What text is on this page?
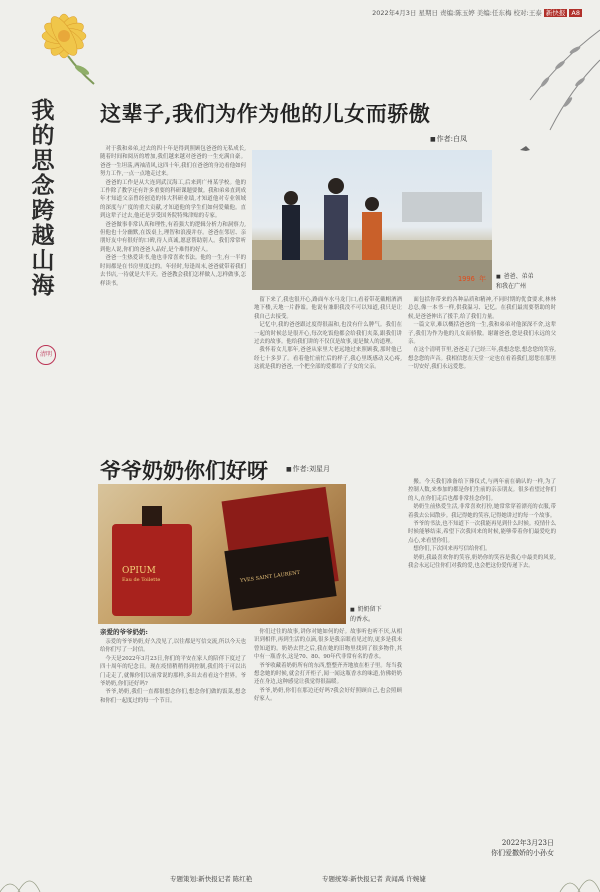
2022年4月3日 星期日 责编:陈玉婷 美编:任东梅 校对:王泰 新快报 A8
我
的
思
念
跨
越
山
海
清明
这辈子,我们为作为他的儿女而骄傲
■ 作者:白凤

对于我和弟弟,过去的四十年是得到照顾包爸爸的无私成长,随着时间和阅历的增加,我们越来越对爸爸的一生充满自豪。爸爸一生坦荡,两袖清风,这四十年,我们在爸爸的身边看他如何努力工作,一点一点地走过来。

爸爸的工作是从大连到武汉海工,后来到广州某学校。他的工作除了教学还有许多重要的科研课题要做。我和弟弟直到成年才知道父亲曾经创造的伟大科研业绩,才知道他对专业领域的深度与广度的重大贡献,才知道他的学生们如何爱戴他。直到这辈子过去,他还是享受国务院特殊津贴的专家。

爸爸做事非常认真和理性,有着强大的逻辑分析力和洞察力,但他也十分幽默,在饭桌上,理智和浪漫并存。爸爸在邻居、亲朋好友中有很好的口碑,待人真诚,愿意帮助别人。我们常常听到他人说,你们的爸爸人品好,是个难得的好人。

爸爸一生热爱读书,他也非常喜欢书法。他的一生,有一半的时间都是在书房里度过的。年轻时,每逢周末,爸爸就带着我们去书店,一待就是大半天。爸爸教会我们怎样做人,怎样做事,怎样读书。

1996 年	■ 爸爸、弟弟
和我在广州

留下来了,我也很开心,路面车水马龙门口,看着带花戴帽酒酒地下楼,天地一片静谧。他说有兼职我没不可以知道,我只是让我自己去接受。

记忆中,我的爸爸跟过度得很温和,也没有什么脾气。我们在一起的时候总是很开心,每次吃饭他都会给我们夹菜,跟我们讲过去的故事。他给我们讲的不仅仅是故事,更是做人的道理。

我怀着女儿那年,爸爸从家里大老远地过来照顾我,那时他已经七十多岁了。看着他忙前忙后的样子,我心里既感动又心疼,这就是我的爸爸,一个把全部的爱都给了子女的父亲。

面包括你带来的各种品质和精神,不同时期的优食要求,林林总总,像一本书一样,供我温习、记忆。在我们最需要帮助的时候,是爸爸伸出了援手,给了我们力量。

一篇文章,难以概括爸爸的一生,我和弟弟对他深深不舍,这辈子,我们为作为他的儿女而骄傲。谢谢爸爸,您是我们永远的父亲。

在这个清明节里,爸爸走了已经三年,我想念您,想念您的笑容,想念您的声音。我相信您在天堂一定也在看着我们,愿您在那里一切安好,我们永远爱您。

爷爷奶奶你们好呀	■ 作者:刘星月
OPIUM
Eau de Toilette	YVES SAINT LAURENT
■ 奶奶留下
的香水。
亲爱的爷爷奶奶:

亲爱的爷爷奶奶,好久没见了,以往都是写信交流,所以今天也给你们写了一封信。

今天是2022年3月23日,你们的平安在家人的陪伴下度过了四十周年的纪念日。现在疫情稍稍得到控制,我们终于可以出门走走了,就像你们以前常说的那样,多出去看看这个世界。爷爷奶奶,你们还好吗?

爷爷,奶奶,我们一直都很想念你们,想念你们做的饭菜,想念和你们一起度过的每一个节日。

你们过往的故事,讲你对她如何的好。故事听也听不厌,从相识到相伴,再到生活的点滴,很多是我亲眼看见过的,更多是我未曾知道的。奶奶去世之后,我在她的旧物里找到了很多物件,其中有一瓶香水,这是70、80、90年代非常有名的香水。

爷爷收藏着奶奶所有的东西,整整齐齐地放在柜子里。每当我想念她的时候,就会打开柜子,闻一闻这瓶香水的味道,仿佛奶奶还在身边,这种感觉让我觉得很温暖。

爷爷,奶奶,你们在那边还好吗?我会好好照顾自己,也会照顾好家人。

搬。今天我们准备给下葬仪式,与两年前在确认的一样,为了控制人数,来参加的都是你们生前的亲亲朋友。很多看望过你们的人,在你们走后也都非常挂念你们。

奶奶生前热爱生活,非常喜欢打扮,她常常穿着漂亮的衣服,带着我去公园散步。我记得她的笑容,记得她讲过的每一个故事。

爷爷的书法,也不知道下一次我能再见到什么时候。疫情什么时候能够结束,希望下次我回来的时候,能够带着你们最爱吃的点心,来看望你们。

想你们,下次回来再写信给你们。

奶奶,我最喜欢你的笑容,奶奶你的笑容是我心中最美的风景,我会永远记住你们对我的爱,也会把这份爱传递下去。

2022年3月23日
你们爱撒娇的小孙女
专题策划:新快报记者 陈红艳	专题统筹:新快报记者 黄闻禹 许婉婕
